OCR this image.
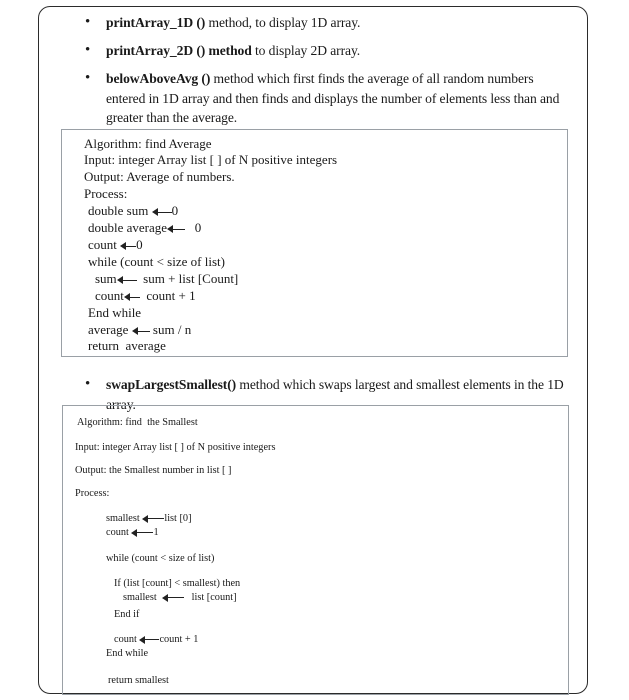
• printArray_1D () method, to display 1D array.
• printArray_2D () method to display 2D array.
• belowAboveAvg () method which first finds the average of all random numbers entered in 1D array and then finds and displays the number of elements less than and greater than the average.
Algorithm: find Average
Input: integer Array list [ ] of N positive integers
Output: Average of numbers.
Process:
double sum 0
double average 0
count 0
while (count < size of list)
sum sum + list [Count]
count count + 1
End while
average sum / n
return  average
• swapLargestSmallest() method which swaps largest and smallest elements in the 1D array.
Algorithm: find  the Smallest
Input: integer Array list [ ] of N positive integers
Output: the Smallest number in list [ ]
Process:
smallest list [0]
count 1
while (count < size of list)
If (list [count] < smallest) then
smallest	list [count]
End if
count count + 1
End while
return smallest
